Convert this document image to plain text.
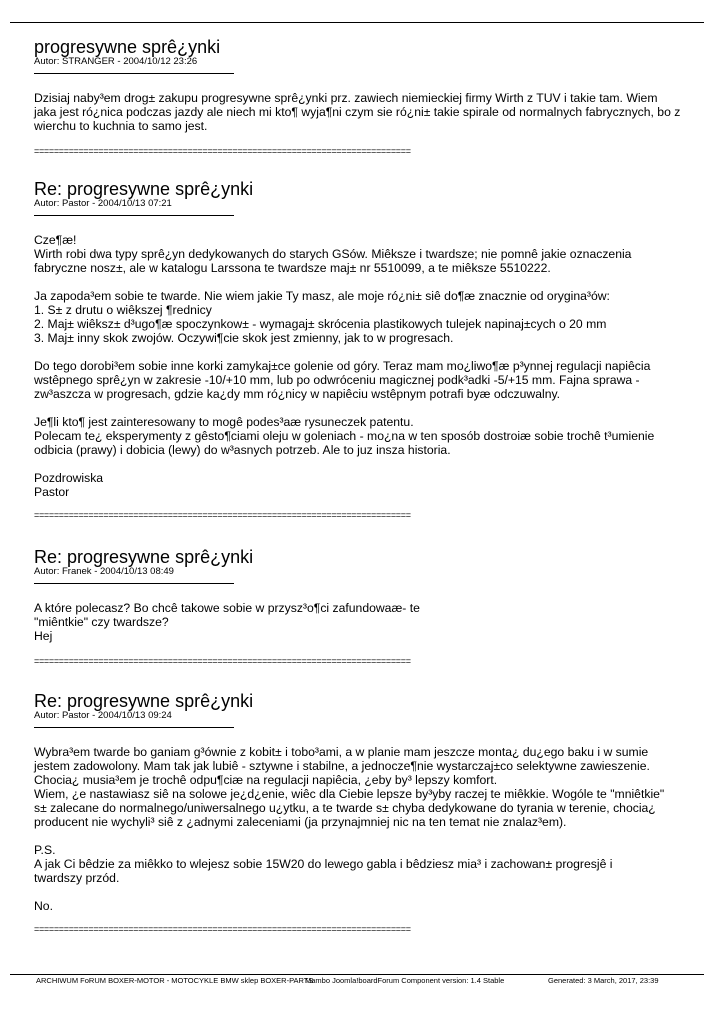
progresywne sprê¿ynki

Autor: STRANGER - 2004/10/12 23:26

Dzisiaj naby³em drog± zakupu progresywne sprê¿ynki prz. zawiech niemieckiej firmy Wirth z TUV i takie tam. Wiem
jaka jest ró¿nica podczas jazdy ale niech mi kto¶ wyja¶ni czym sie ró¿ni± takie spirale od normalnych fabrycznych, bo z
wierchu to kuchnia to samo jest.

============================================================================
Re: progresywne sprê¿ynki

Autor: Pastor - 2004/10/13 07:21

Cze¶æ!
Wirth robi dwa typy sprê¿yn dedykowanych do starych GSów. Miêksze i twardsze; nie pomnê jakie oznaczenia
fabryczne nosz±, ale w katalogu Larssona te twardsze maj± nr 5510099, a te miêksze 5510222.

Ja zapoda³em sobie te twarde. Nie wiem jakie Ty masz, ale moje ró¿ni± siê do¶æ znacznie od orygina³ów:
1. S± z drutu o wiêkszej ¶rednicy
2. Maj± wiêksz± d³ugo¶æ spoczynkow± - wymagaj± skrócenia plastikowych tulejek napinaj±cych o 20 mm
3. Maj± inny skok zwojów. Oczywi¶cie skok jest zmienny, jak to w progresach.

Do tego dorobi³em sobie inne korki zamykaj±ce golenie od góry. Teraz mam mo¿liwo¶æ p³ynnej regulacji napiêcia
wstêpnego sprê¿yn w zakresie -10/+10 mm, lub po odwróceniu magicznej podk³adki -5/+15 mm. Fajna sprawa -
zw³aszcza w progresach, gdzie ka¿dy mm ró¿nicy w napiêciu wstêpnym potrafi byæ odczuwalny.

Je¶li kto¶ jest zainteresowany to mogê podes³aæ rysuneczek patentu.
Polecam te¿ eksperymenty z gêsto¶ciami oleju w goleniach - mo¿na w ten sposób dostroiæ sobie trochê t³umienie
odbicia (prawy) i dobicia (lewy) do w³asnych potrzeb. Ale to juz insza historia.

Pozdrowiska
Pastor

============================================================================
Re: progresywne sprê¿ynki

Autor: Franek - 2004/10/13 08:49

A które polecasz? Bo chcê takowe sobie w przysz³o¶ci zafundowaæ- te
"miêntkie" czy twardsze?
Hej

============================================================================
Re: progresywne sprê¿ynki

Autor: Pastor - 2004/10/13 09:24

Wybra³em twarde bo ganiam g³ównie z kobit± i tobo³ami, a w planie mam jeszcze monta¿ du¿ego baku i w sumie
jestem zadowolony. Mam tak jak lubiê - sztywne i stabilne, a jednocze¶nie wystarczaj±co selektywne zawieszenie.
Chocia¿ musia³em je trochê odpu¶ciæ na regulacji napiêcia, ¿eby by³ lepszy komfort.
Wiem, ¿e nastawiasz siê na solowe je¿d¿enie, wiêc dla Ciebie lepsze by³yby raczej te miêkkie. Wogóle te "mniêtkie"
s± zalecane do normalnego/uniwersalnego u¿ytku, a te twarde s± chyba dedykowane do tyrania w terenie, chocia¿
producent nie wychyli³ siê z ¿adnymi zaleceniami (ja przynajmniej nic na ten temat nie znalaz³em).

P.S.
A jak Ci bêdzie za miêkko to wlejesz sobie 15W20 do lewego gabla i bêdziesz mia³ i zachowan± progresjê i
twardszy przód.

No.

============================================================================
ARCHIWUM FoRUM BOXER-MOTOR - MOTOCYKLE BMW sklep BOXER-PARTS
Mambo Joomla!boardForum Component version: 1.4 Stable	Generated: 3 March, 2017, 23:39
